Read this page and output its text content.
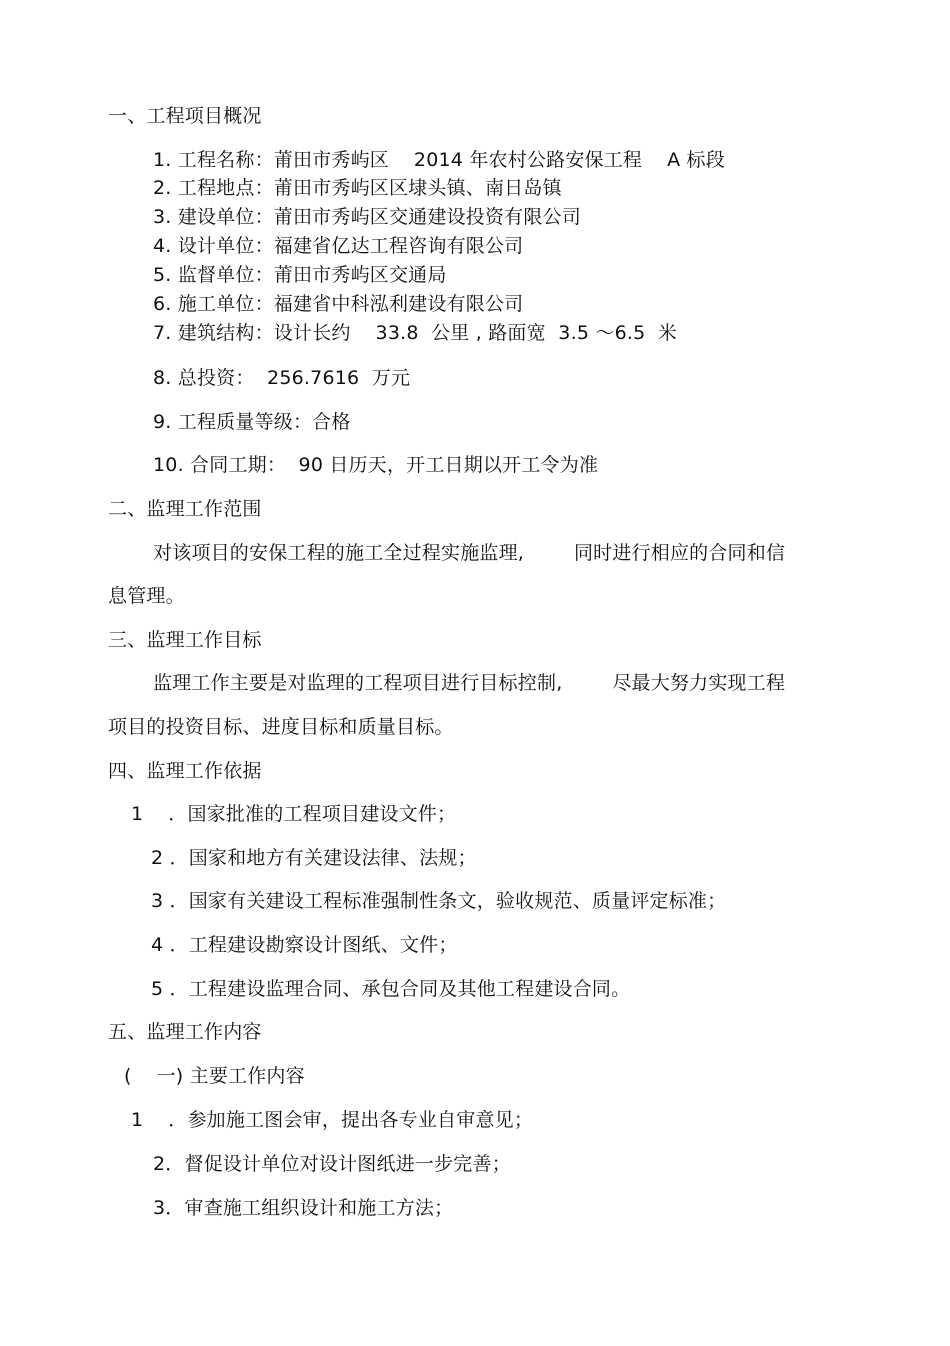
一、工程项目概况
1. 工程名称：莆田市秀屿区    2014 年农村公路安保工程    A 标段
2. 工程地点：莆田市秀屿区区埭头镇、南日岛镇
3. 建设单位：莆田市秀屿区交通建设投资有限公司
4. 设计单位：福建省亿达工程咨询有限公司
5. 监督单位：莆田市秀屿区交通局
6. 施工单位：福建省中科泓利建设有限公司
7. 建筑结构：设计长约    33.8  公里 , 路面宽  3.5 ～6.5  米
8. 总投资：  256.7616  万元
9. 工程质量等级：合格
10. 合同工期：  90 日历天，开工日期以开工令为准
二、监理工作范围
对该项目的安保工程的施工全过程实施监理,        同时进行相应的合同和信
息管理。
三、监理工作目标
监理工作主要是对监理的工程项目进行目标控制,        尽最大努力实现工程
项目的投资目标、进度目标和质量目标。
四、监理工作依据
1    ．国家批准的工程项目建设文件；
2 ．国家和地方有关建设法律、法规；
3 ．国家有关建设工程标准强制性条文，验收规范、质量评定标准；
4 ．工程建设勘察设计图纸、文件；
5 ．工程建设监理合同、承包合同及其他工程建设合同。
五、监理工作内容
(    一) 主要工作内容
1    ．参加施工图会审，提出各专业自审意见；
2．督促设计单位对设计图纸进一步完善；
3．审查施工组织设计和施工方法；
